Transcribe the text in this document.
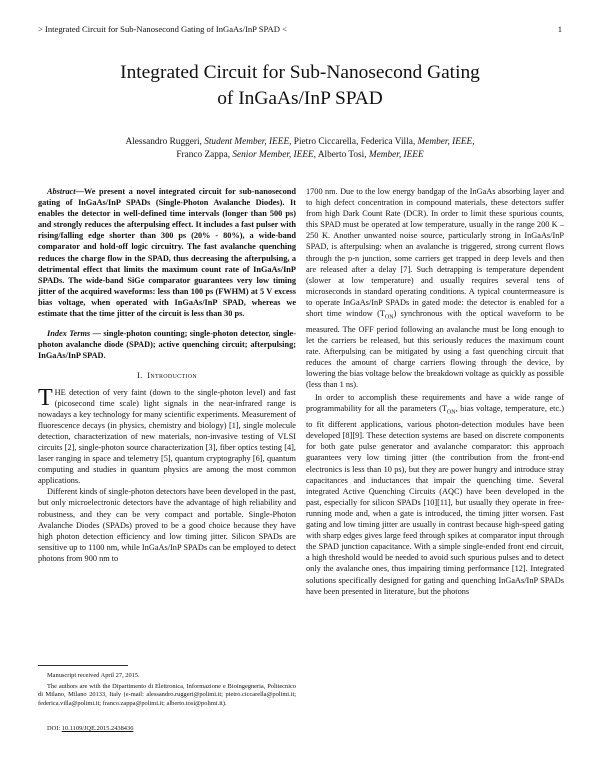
> Integrated Circuit for Sub-Nanosecond Gating of InGaAs/InP SPAD <	1
Integrated Circuit for Sub-Nanosecond Gating
of InGaAs/InP SPAD
Alessandro Ruggeri, Student Member, IEEE, Pietro Ciccarella, Federica Villa, Member, IEEE,
Franco Zappa, Senior Member, IEEE, Alberto Tosi, Member, IEEE

Abstract—We present a novel integrated circuit for sub-nanosecond gating of InGaAs/InP SPADs (Single-Photon Avalanche Diodes). It enables the detector in well-defined time intervals (longer than 500 ps) and strongly reduces the afterpulsing effect. It includes a fast pulser with rising/falling edge shorter than 300 ps (20% - 80%), a wide-band comparator and hold-off logic circuitry. The fast avalanche quenching reduces the charge flow in the SPAD, thus decreasing the afterpulsing, a detrimental effect that limits the maximum count rate of InGaAs/InP SPADs. The wide-band SiGe comparator guarantees very low timing jitter of the acquired waveforms: less than 100 ps (FWHM) at 5 V excess bias voltage, when operated with InGaAs/InP SPAD, whereas we estimate that the time jitter of the circuit is less than 30 ps.

Index Terms — single-photon counting; single-photon detector, single-photon avalanche diode (SPAD); active quenching circuit; afterpulsing; InGaAs/InP SPAD.

I. Introduction

THE detection of very faint (down to the single-photon level) and fast (picosecond time scale) light signals in the near-infrared range is nowadays a key technology for many scientific experiments. Measurement of fluorescence decays (in physics, chemistry and biology) [1], single molecule detection, characterization of new materials, non-invasive testing of VLSI circuits [2], single-photon source characterization [3], fiber optics testing [4], laser ranging in space and telemetry [5], quantum cryptography [6], quantum computing and studies in quantum physics are among the most common applications.

Different kinds of single-photon detectors have been developed in the past, but only microelectronic detectors have the advantage of high reliability and robustness, and they can be very compact and portable. Single-Photon Avalanche Diodes (SPADs) proved to be a good choice because they have high photon detection efficiency and low timing jitter. Silicon SPADs are sensitive up to 1100 nm, while InGaAs/InP SPADs can be employed to detect photons from 900 nm to

1700 nm. Due to the low energy bandgap of the InGaAs absorbing layer and to high defect concentration in compound materials, these detectors suffer from high Dark Count Rate (DCR). In order to limit these spurious counts, this SPAD must be operated at low temperature, usually in the range 200 K – 250 K. Another unwanted noise source, particularly strong in InGaAs/InP SPAD, is afterpulsing: when an avalanche is triggered, strong current flows through the p-n junction, some carriers get trapped in deep levels and then are released after a delay [7]. Such detrapping is temperature dependent (slower at low temperature) and usually requires several tens of microseconds in standard operating conditions. A typical countermeasure is to operate InGaAs/InP SPADs in gated mode: the detector is enabled for a short time window $(T_{ON})$ synchronous with the optical waveform to be measured. The OFF period following an avalanche must be long enough to let the carriers be released, but this seriously reduces the maximum count rate. Afterpulsing can be mitigated by using a fast quenching circuit that reduces the amount of charge carriers flowing through the device, by lowering the bias voltage below the breakdown voltage as quickly as possible (less than 1 ns).

In order to accomplish these requirements and have a wide range of programmability for all the parameters ($T_{ON}$, bias voltage, temperature, etc.) to fit different applications, various photon-detection modules have been developed [8][9]. These detection systems are based on discrete components for both gate pulse generator and avalanche comparator: this approach guarantees very low timing jitter (the contribution from the front-end electronics is less than 10 ps), but they are power hungry and introduce stray capacitances and inductances that impair the quenching time. Several integrated Active Quenching Circuits (AQC) have been developed in the past, especially for silicon SPADs [10][11], but usually they operate in free-running mode and, when a gate is introduced, the timing jitter worsen. Fast gating and low timing jitter are usually in contrast because high-speed gating with sharp edges gives large feed through spikes at comparator input through the SPAD junction capacitance. With a simple single-ended front end circuit, a high threshold would be needed to avoid such spurious pulses and to detect only the avalanche ones, thus impairing timing performance [12]. Integrated solutions specifically designed for gating and quenching InGaAs/InP SPADs have been presented in literature, but the photons

Manuscript received April 27, 2015.
The authors are with the Dipartimento di Elettronica, Informazione e Bioingegneria, Politecnico di Milano, Milano 20133, Italy (e-mail: alessandro.ruggeri@polimi.it; pietro.ciccarella@polimi.it; federica.villa@polimi.it; franco.zappa@polimi.it; alberto.tosi@polimi.it).
DOI: 10.1109/JQE.2015.2438436
